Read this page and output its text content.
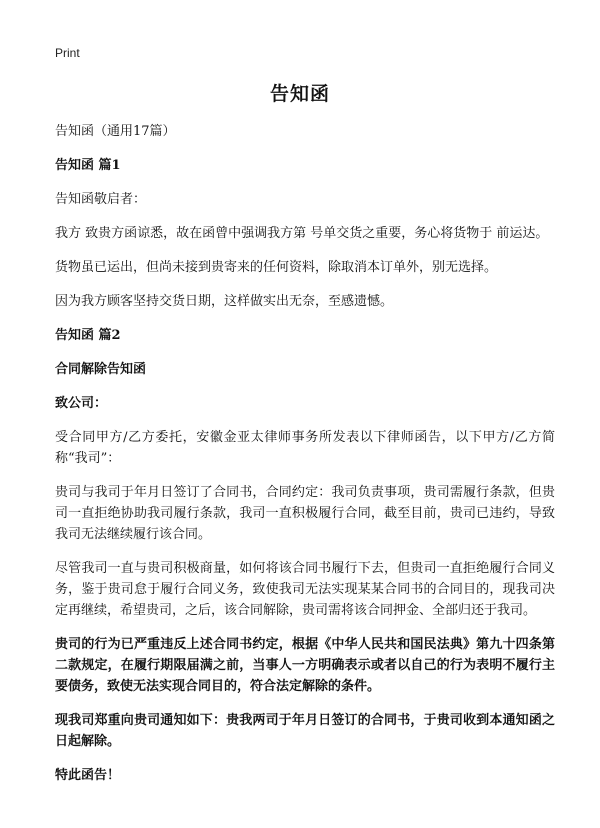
Print
告知函

告知函（通用17篇）

告知函 篇1

告知函敬启者：

我方 致贵方函谅悉，故在函曾中强调我方第 号单交货之重要，务心将货物于 前运达。

货物虽已运出，但尚未接到贵寄来的任何资料，除取消本订单外，别无选择。

因为我方顾客坚持交货日期，这样做实出无奈，至感遗憾。

告知函 篇2

合同解除告知函

致公司：

受合同甲方/乙方委托，安徽金亚太律师事务所发表以下律师函告，以下甲方/乙方简称“我司”：

贵司与我司于年月日签订了合同书，合同约定：我司负责事项，贵司需履行条款，但贵司一直拒绝协助我司履行条款，我司一直积极履行合同，截至目前，贵司已违约，导致我司无法继续履行该合同。

尽管我司一直与贵司积极商量，如何将该合同书履行下去，但贵司一直拒绝履行合同义务，鉴于贵司怠于履行合同义务，致使我司无法实现某某合同书的合同目的，现我司决定再继续，希望贵司，之后，该合同解除，贵司需将该合同押金、全部归还于我司。

贵司的行为已严重违反上述合同书约定，根据《中华人民共和国民法典》第九十四条第二款规定，在履行期限届满之前，当事人一方明确表示或者以自己的行为表明不履行主要债务，致使无法实现合同目的，符合法定解除的条件。

现我司郑重向贵司通知如下：贵我两司于年月日签订的合同书，于贵司收到本通知函之日起解除。

特此函告！
